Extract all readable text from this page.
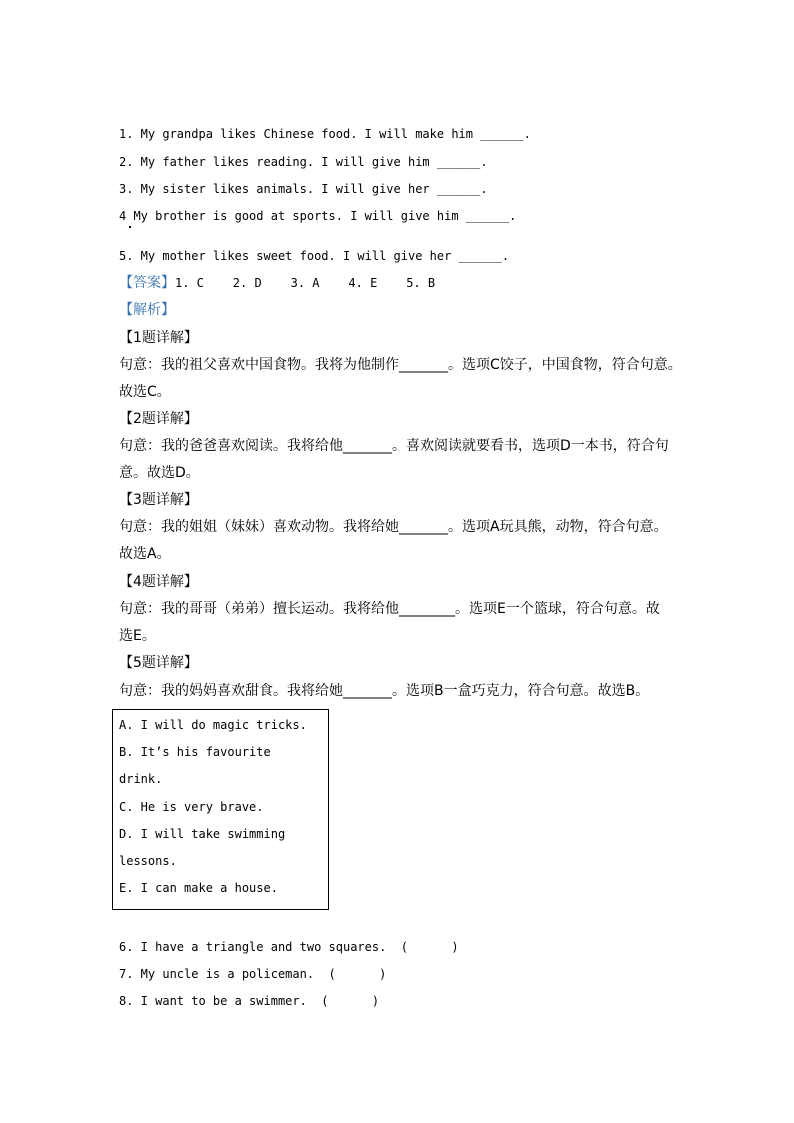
1. My grandpa likes Chinese food. I will make him ______.
2. My father likes reading. I will give him ______.
3. My sister likes animals. I will give her ______.
4 My brother is good at sports. I will give him ______.
5. My mother likes sweet food. I will give her ______.
【答案】1. C    2. D    3. A    4. E    5. B
【解析】
【1题详解】
句意：我的祖父喜欢中国食物。我将为他制作_______。选项C饺子，中国食物，符合句意。
故选C。
【2题详解】
句意：我的爸爸喜欢阅读。我将给他_______。喜欢阅读就要看书，选项D一本书，符合句
意。故选D。
【3题详解】
句意：我的姐姐（妹妹）喜欢动物。我将给她_______。选项A玩具熊，动物，符合句意。
故选A。
【4题详解】
句意：我的哥哥（弟弟）擅长运动。我将给他________。选项E一个篮球，符合句意。故
选E。
【5题详解】
句意：我的妈妈喜欢甜食。我将给她_______。选项B一盒巧克力，符合句意。故选B。
A. I will do magic tricks.
B. It’s his favourite
drink.
C. He is very brave.
D. I will take swimming
lessons.
E. I can make a house.
6. I have a triangle and two squares.  (      )
7. My uncle is a policeman.  (      )
8. I want to be a swimmer.  (      )
